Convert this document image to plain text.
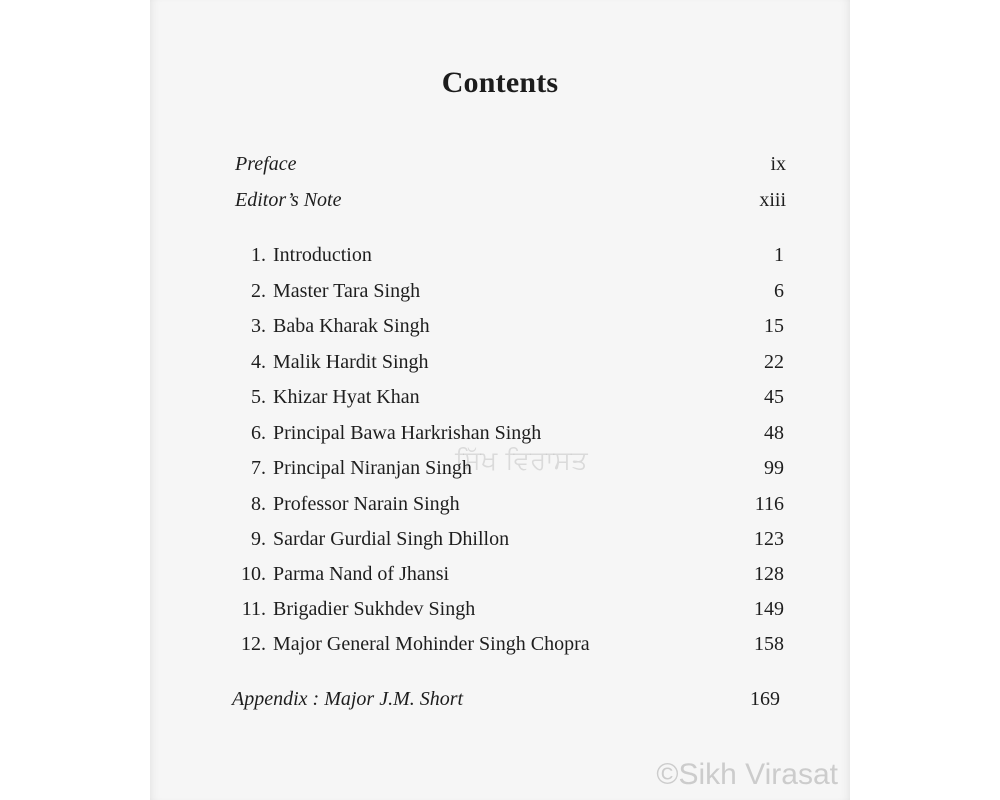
Contents
Preface	ix
Editor’s Note	xiii
1. Introduction	1
2. Master Tara Singh	6
3. Baba Kharak Singh	15
4. Malik Hardit Singh	22
5. Khizar Hyat Khan	45
6. Principal Bawa Harkrishan Singh	48
7. Principal Niranjan Singh	99
8. Professor Narain Singh	116
9. Sardar Gurdial Singh Dhillon	123
10. Parma Nand of Jhansi	128
11. Brigadier Sukhdev Singh	149
12. Major General Mohinder Singh Chopra	158
Appendix : Major J.M. Short	169
ਸਿੱਖ ਵਿਰਾਸਤ
©Sikh Virasat
